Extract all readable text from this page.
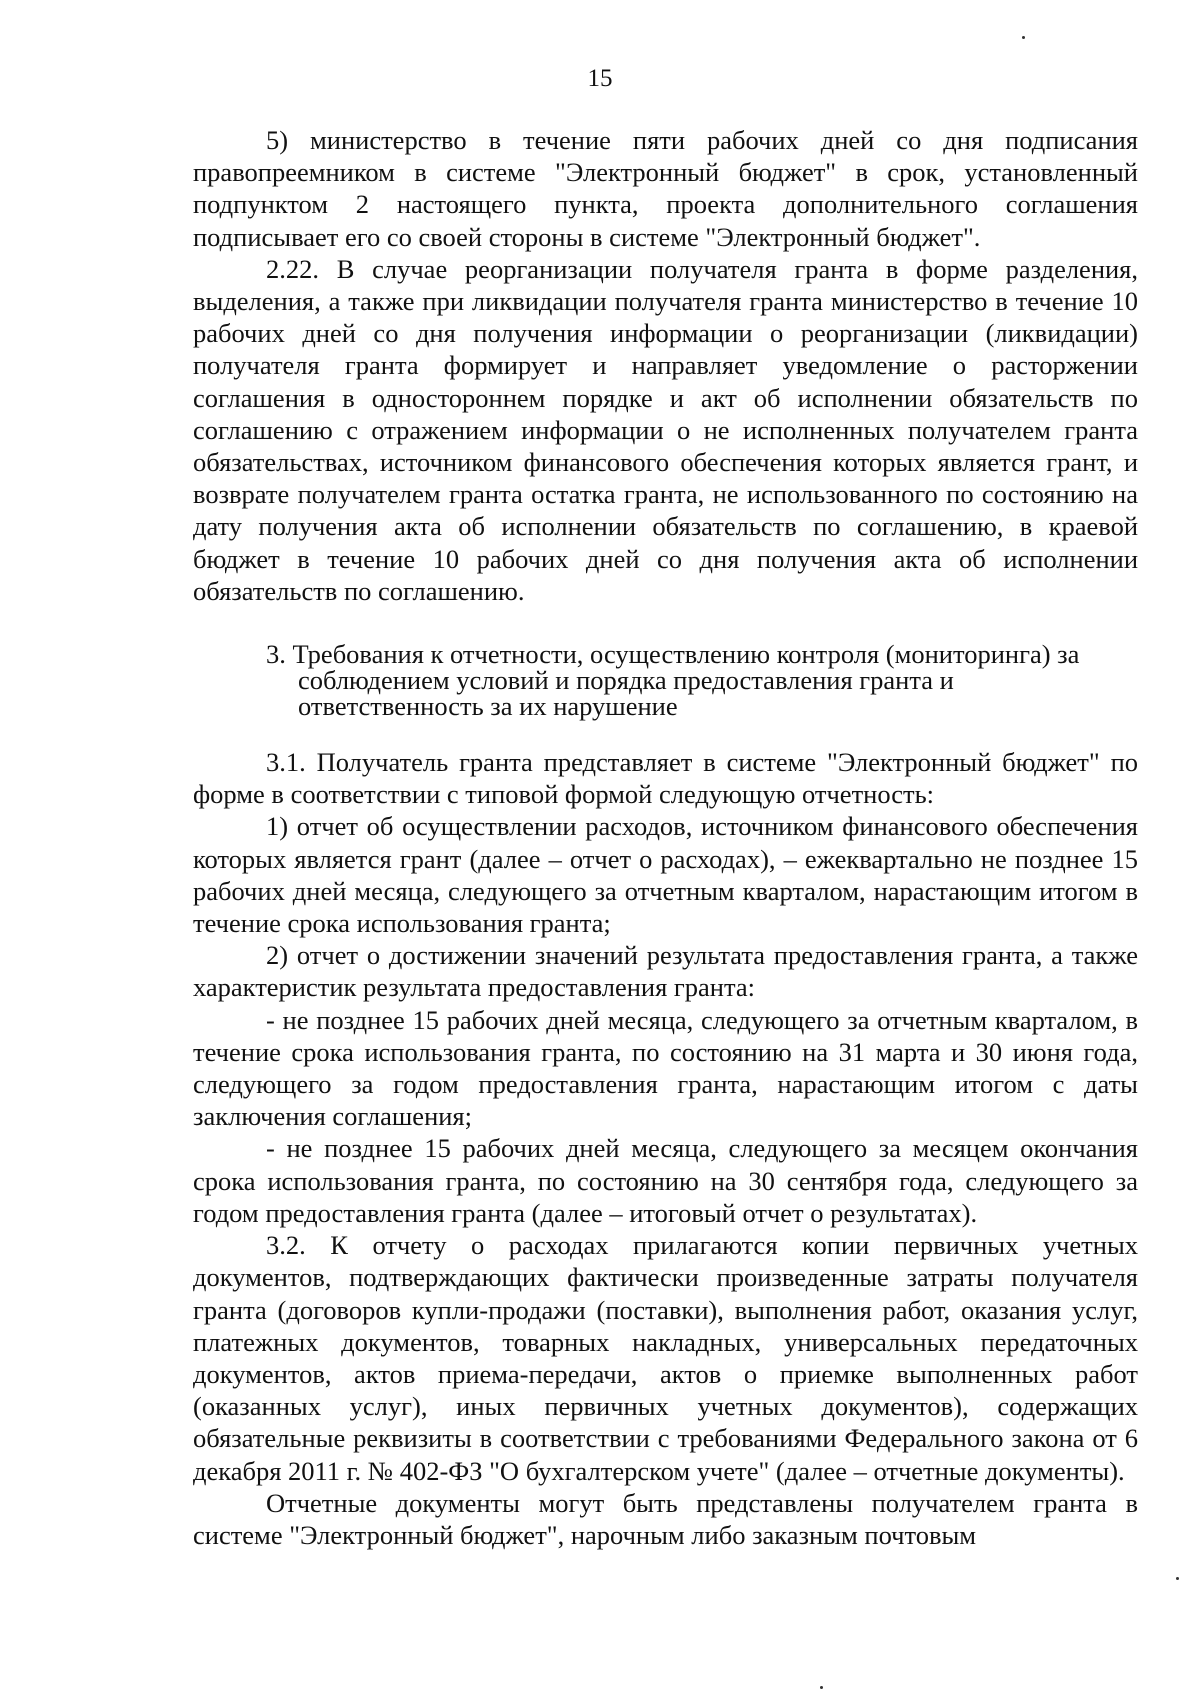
15

5) министерство в течение пяти рабочих дней со дня подписания правопреемником в системе "Электронный бюджет" в срок, установленный подпунктом 2 настоящего пункта, проекта дополнительного соглашения подписывает его со своей стороны в системе "Электронный бюджет".

2.22. В случае реорганизации получателя гранта в форме разделения, выделения, а также при ликвидации получателя гранта министерство в течение 10 рабочих дней со дня получения информации о реорганизации (ликвидации) получателя гранта формирует и направляет уведомление о расторжении соглашения в одностороннем порядке и акт об исполнении обязательств по соглашению с отражением информации о не исполненных получателем гранта обязательствах, источником финансового обеспечения которых является грант, и возврате получателем гранта остатка гранта, не использованного по состоянию на дату получения акта об исполнении обязательств по соглашению, в краевой бюджет в течение 10 рабочих дней со дня получения акта об исполнении обязательств по соглашению.

3. Требования к отчетности, осуществлению контроля (мониторинга) за
соблюдением условий и порядка предоставления гранта и
ответственность за их нарушение

3.1. Получатель гранта представляет в системе "Электронный бюджет" по форме в соответствии с типовой формой следующую отчетность:

1) отчет об осуществлении расходов, источником финансового обеспечения которых является грант (далее – отчет о расходах), – ежеквартально не позднее 15 рабочих дней месяца, следующего за отчетным кварталом, нарастающим итогом в течение срока использования гранта;

2) отчет о достижении значений результата предоставления гранта, а также характеристик результата предоставления гранта:

- не позднее 15 рабочих дней месяца, следующего за отчетным кварталом, в течение срока использования гранта, по состоянию на 31 марта и 30 июня года, следующего за годом предоставления гранта, нарастающим итогом с даты заключения соглашения;

- не позднее 15 рабочих дней месяца, следующего за месяцем окончания срока использования гранта, по состоянию на 30 сентября года, следующего за годом предоставления гранта (далее – итоговый отчет о результатах).

3.2. К отчету о расходах прилагаются копии первичных учетных документов, подтверждающих фактически произведенные затраты получателя гранта (договоров купли-продажи (поставки), выполнения работ, оказания услуг, платежных документов, товарных накладных, универсальных передаточных документов, актов приема-передачи, актов о приемке выполненных работ (оказанных услуг), иных первичных учетных документов), содержащих обязательные реквизиты в соответствии с требованиями Федерального закона от 6 декабря 2011 г. № 402-ФЗ "О бухгалтерском учете" (далее – отчетные документы).

Отчетные документы могут быть представлены получателем гранта в системе "Электронный бюджет", нарочным либо заказным почтовым
